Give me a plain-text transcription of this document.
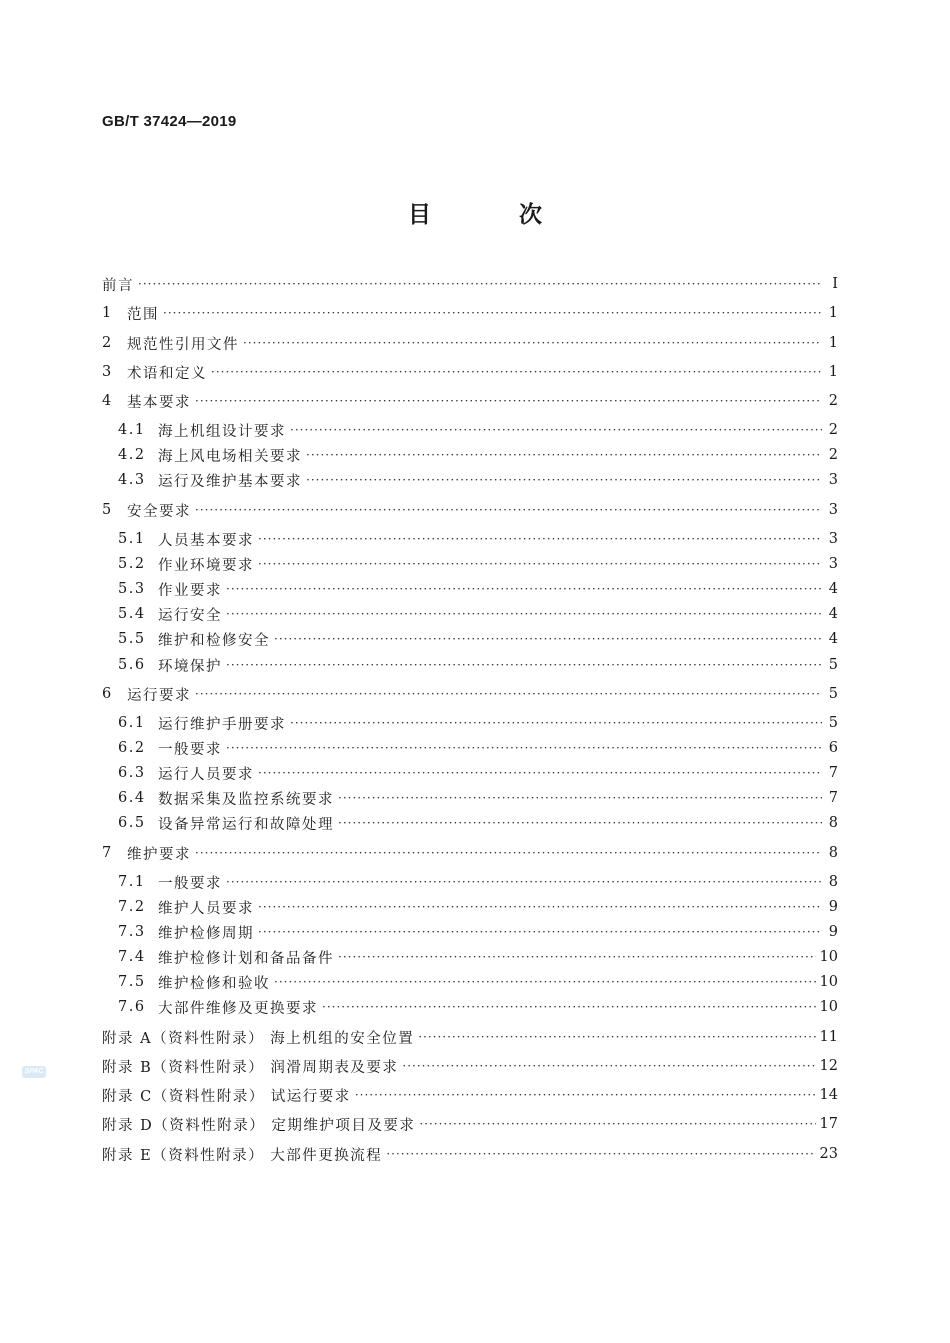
GB/T 37424—2019
目 次
前言 ·····	Ⅰ
1 范围 ·····	1
2 规范性引用文件 ·····	1
3 术语和定义 ·····	1
4 基本要求 ·····	2
4.1 海上机组设计要求 ·····	2
4.2 海上风电场相关要求 ·····	2
4.3 运行及维护基本要求 ·····	3
5 安全要求 ·····	3
5.1 人员基本要求 ·····	3
5.2 作业环境要求 ·····	3
5.3 作业要求 ·····	4
5.4 运行安全 ·····	4
5.5 维护和检修安全 ·····	4
5.6 环境保护 ·····	5
6 运行要求 ·····	5
6.1 运行维护手册要求 ·····	5
6.2 一般要求 ·····	6
6.3 运行人员要求 ·····	7
6.4 数据采集及监控系统要求 ·····	7
6.5 设备异常运行和故障处理 ·····	8
7 维护要求 ·····	8
7.1 一般要求 ·····	8
7.2 维护人员要求 ·····	9
7.3 维护检修周期 ·····	9
7.4 维护检修计划和备品备件 ·····	10
7.5 维护检修和验收 ·····	10
7.6 大部件维修及更换要求 ·····	10
附录 A（资料性附录） 海上机组的安全位置 ·····	11
附录 B（资料性附录） 润滑周期表及要求 ·····	12
附录 C（资料性附录） 试运行要求 ·····	14
附录 D（资料性附录） 定期维护项目及要求 ·····	17
附录 E（资料性附录） 大部件更换流程 ·····	23
SPAC
